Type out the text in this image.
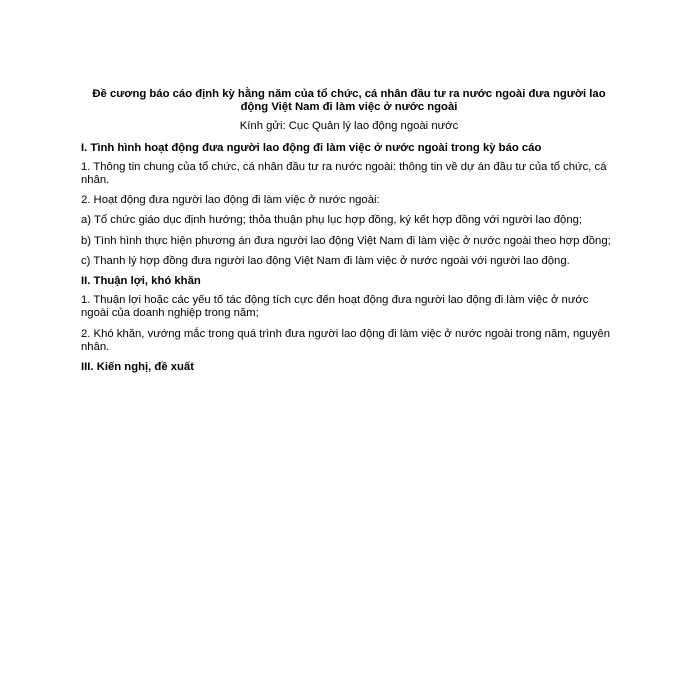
Đề cương báo cáo định kỳ hằng năm của tổ chức, cá nhân đầu tư ra nước ngoài đưa người lao động Việt Nam đi làm việc ở nước ngoài

Kính gửi: Cục Quản lý lao động ngoài nước

I. Tình hình hoạt động đưa người lao động đi làm việc ở nước ngoài trong kỳ báo cáo

1. Thông tin chung của tổ chức, cá nhân đầu tư ra nước ngoài: thông tin về dự án đầu tư của tổ chức, cá nhân.

2. Hoạt động đưa người lao động đi làm việc ở nước ngoài:

a) Tổ chức giáo dục định hướng; thỏa thuận phụ lục hợp đồng, ký kết hợp đồng với người lao động;

b) Tình hình thực hiện phương án đưa người lao động Việt Nam đi làm việc ở nước ngoài theo hợp đồng;

c) Thanh lý hợp đồng đưa người lao động Việt Nam đi làm việc ở nước ngoài với người lao động.

II. Thuận lợi, khó khăn

1. Thuận lợi hoặc các yếu tố tác động tích cực đến hoạt động đưa người lao động đi làm việc ở nước ngoài của doanh nghiệp trong năm;

2. Khó khăn, vướng mắc trong quá trình đưa người lao động đi làm việc ở nước ngoài trong năm, nguyên nhân.

III. Kiến nghị, đề xuất
